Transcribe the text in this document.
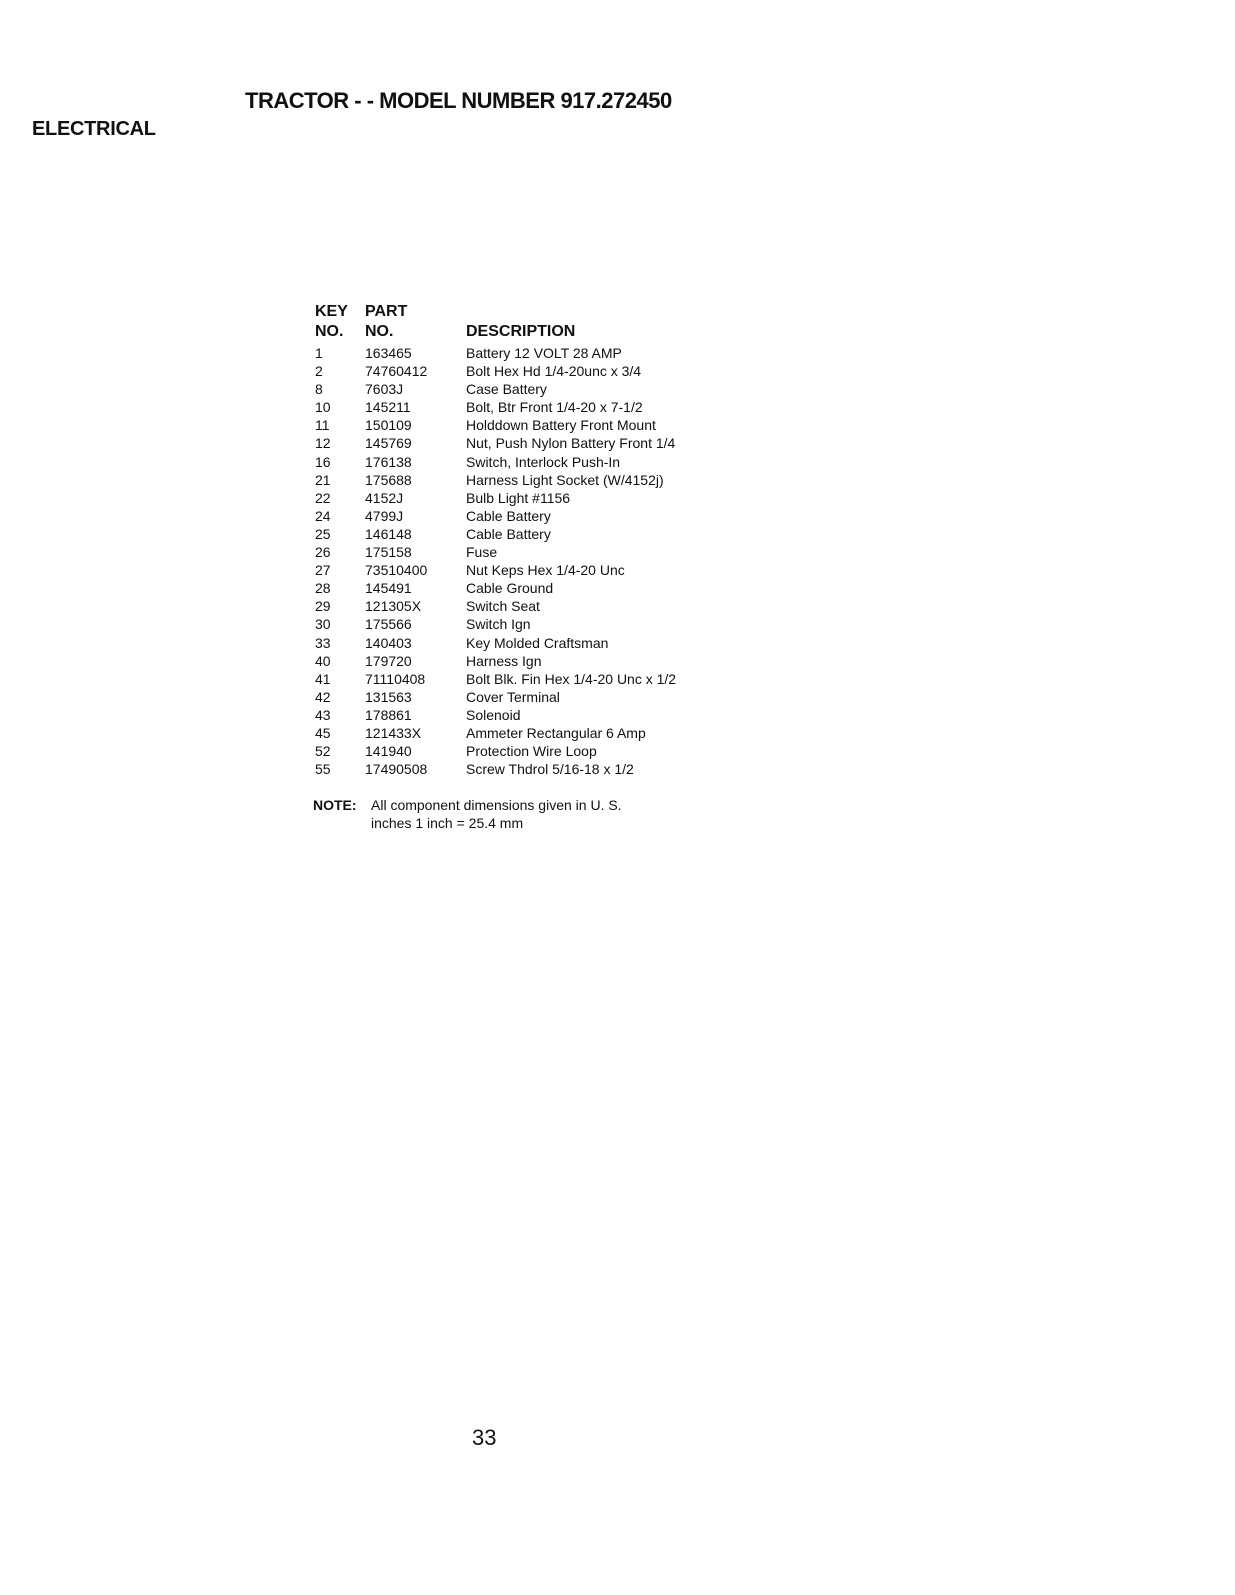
TRACTOR - - MODEL NUMBER 917.272450
ELECTRICAL
KEY	PART
NO.	NO.	DESCRIPTION
1	163465	Battery 12 VOLT 28 AMP
2	74760412	Bolt Hex Hd 1/4-20unc x 3/4
8	7603J	Case Battery
10	145211	Bolt, Btr Front 1/4-20 x 7-1/2
11	150109	Holddown Battery Front Mount
12	145769	Nut, Push Nylon Battery Front 1/4
16	176138	Switch, Interlock Push-In
21	175688	Harness Light Socket (W/4152j)
22	4152J	Bulb Light #1156
24	4799J	Cable Battery
25	146148	Cable Battery
26	175158	Fuse
27	73510400	Nut Keps Hex 1/4-20 Unc
28	145491	Cable Ground
29	121305X	Switch Seat
30	175566	Switch Ign
33	140403	Key Molded Craftsman
40	179720	Harness Ign
41	71110408	Bolt Blk. Fin Hex 1/4-20 Unc x 1/2
42	131563	Cover Terminal
43	178861	Solenoid
45	121433X	Ammeter Rectangular 6 Amp
52	141940	Protection Wire Loop
55	17490508	Screw Thdrol 5/16-18 x 1/2
NOTE: All component dimensions given in U. S.
inches 1 inch = 25.4 mm
33
